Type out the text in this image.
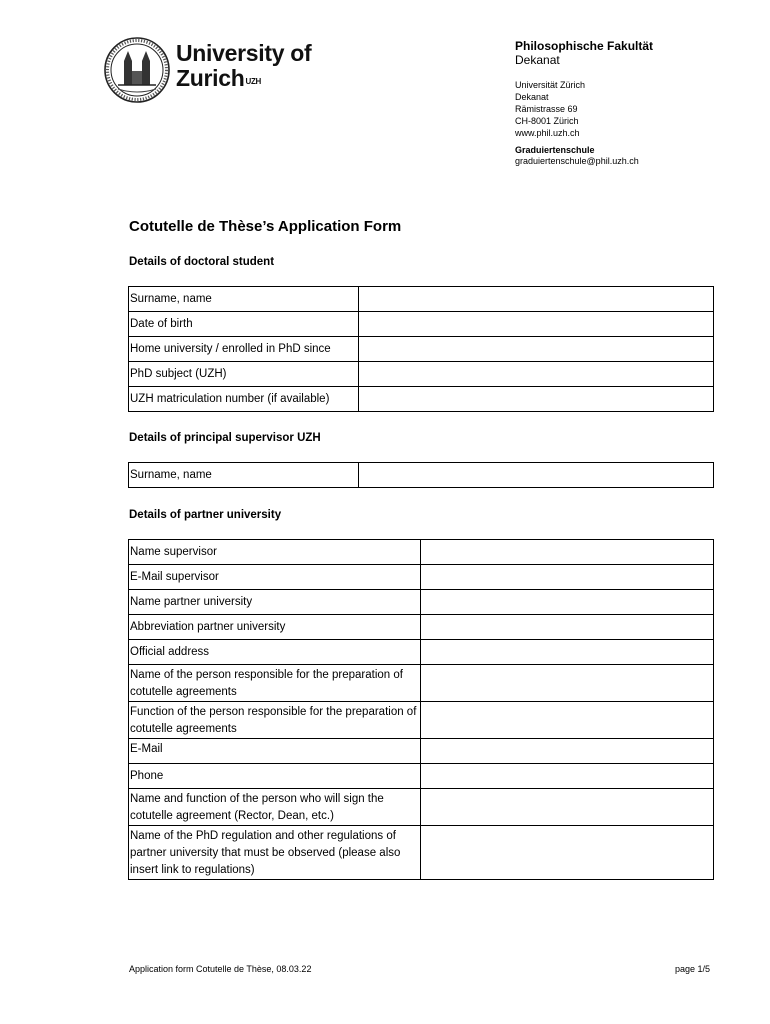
University of
Zurich$^{UZH}$
Philosophische Fakultät
Dekanat
Universität Zürich
Dekanat
Rämistrasse 69
CH-8001 Zürich
www.phil.uzh.ch
Graduiertenschule
graduiertenschule@phil.uzh.ch
Cotutelle de Thèse’s Application Form
Details of doctoral student
Surname, name	
Date of birth	
Home university / enrolled in PhD since	
PhD subject (UZH)	
UZH matriculation number (if available)	
Details of principal supervisor UZH
Surname, name	
Details of partner university
Name supervisor	
E-Mail supervisor	
Name partner university	
Abbreviation partner university	
Official address	
Name of the person responsible for the preparation of cotutelle agreements	
Function of the person responsible for the preparation of cotutelle agreements	
E-Mail	
Phone	
Name and function of the person who will sign the cotutelle agreement (Rector, Dean, etc.)	
Name of the PhD regulation and other regulations of partner university that must be observed (please also insert link to regulations)	
Application form Cotutelle de Thèse, 08.03.22	page 1/5
